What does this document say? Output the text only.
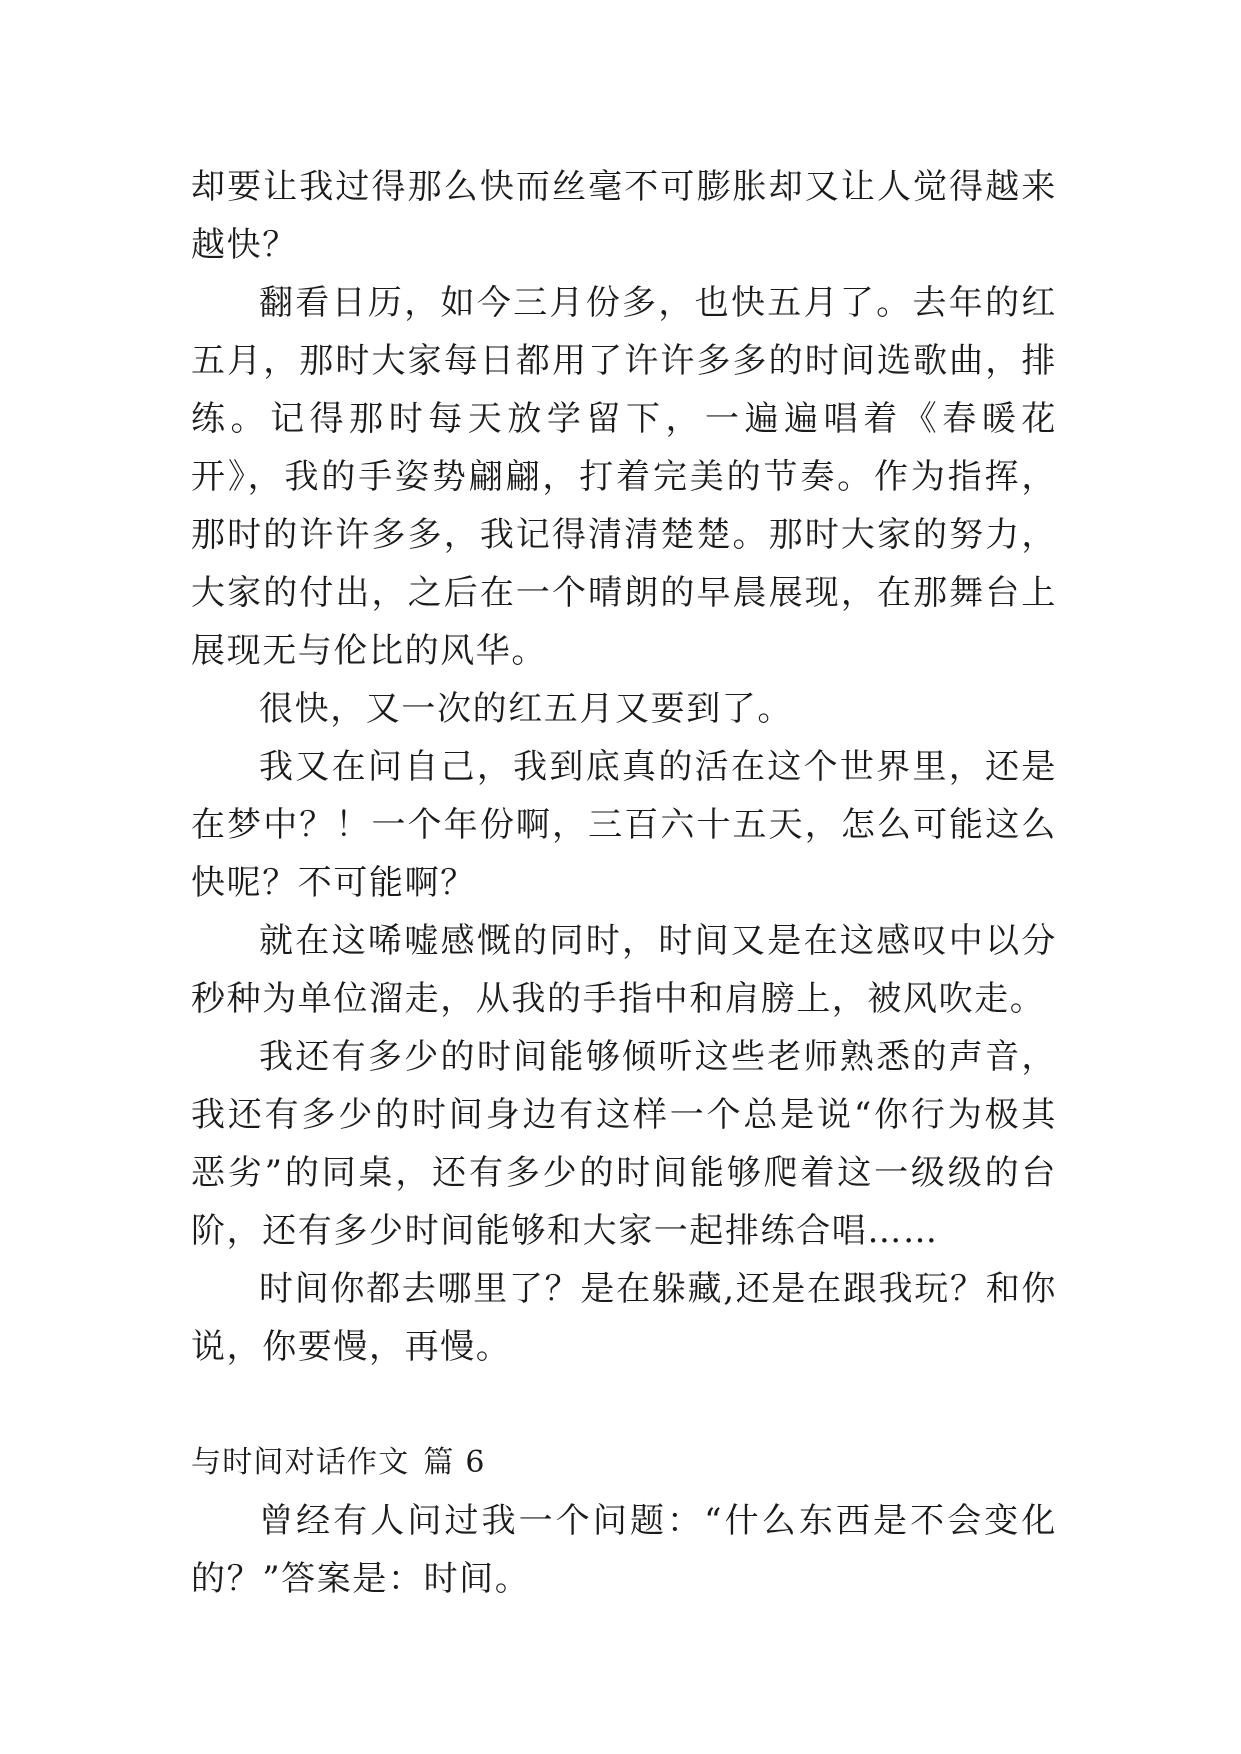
却要让我过得那么快而丝毫不可膨胀却又让人觉得越来越快？

翻看日历，如今三月份多，也快五月了。去年的红五月，那时大家每日都用了许许多多的时间选歌曲，排练。记得那时每天放学留下，一遍遍唱着《春暖花开》，我的手姿势翩翩，打着完美的节奏。作为指挥，那时的许许多多，我记得清清楚楚。那时大家的努力，大家的付出，之后在一个晴朗的早晨展现，在那舞台上展现无与伦比的风华。

很快，又一次的红五月又要到了。

我又在问自己，我到底真的活在这个世界里，还是在梦中？！一个年份啊，三百六十五天，怎么可能这么快呢？不可能啊？

就在这唏嘘感慨的同时，时间又是在这感叹中以分秒种为单位溜走，从我的手指中和肩膀上，被风吹走。

我还有多少的时间能够倾听这些老师熟悉的声音，我还有多少的时间身边有这样一个总是说“你行为极其恶劣”的同桌，还有多少的时间能够爬着这一级级的台阶，还有多少时间能够和大家一起排练合唱……

时间你都去哪里了？是在躲藏,还是在跟我玩？和你说，你要慢，再慢。

与时间对话作文 篇 6

曾经有人问过我一个问题：“什么东西是不会变化的？”答案是：时间。
